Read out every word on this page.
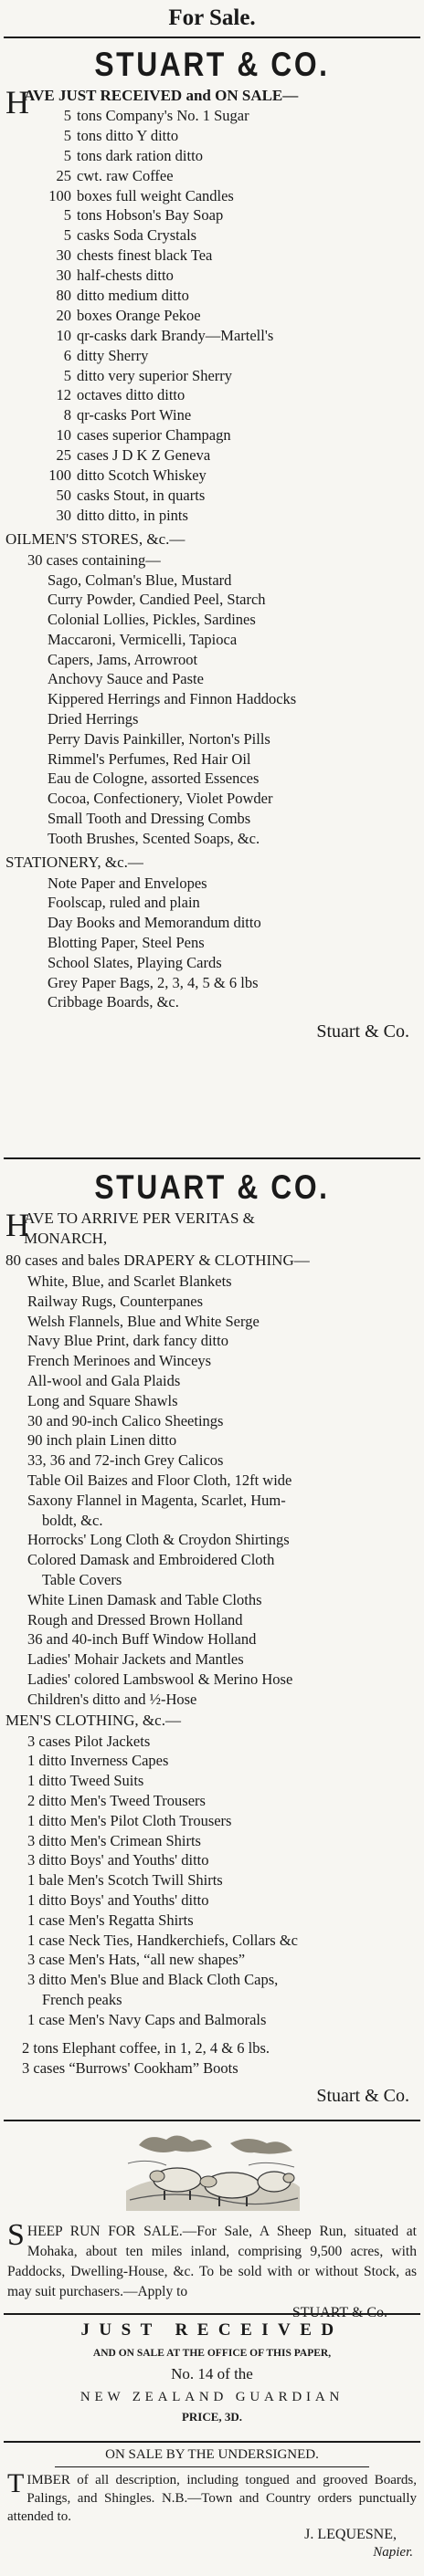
For Sale.
STUART & CO.
H
AVE JUST RECEIVED and ON SALE—
5 tons Company's No. 1 Sugar
5 tons ditto Y ditto
5 tons dark ration ditto
25 cwt. raw Coffee
100 boxes full weight Candles
5 tons Hobson's Bay Soap
5 casks Soda Crystals
30 chests finest black Tea
30 half-chests ditto
80 ditto medium ditto
20 boxes Orange Pekoe
10 qr-casks dark Brandy—Martell's
6 ditty Sherry
5 ditto very superior Sherry
12 octaves ditto ditto
8 qr-casks Port Wine
10 cases superior Champagn
25 cases J D K Z Geneva
100 ditto Scotch Whiskey
50 casks Stout, in quarts
30 ditto ditto, in pints
OILMEN'S STORES, &c.—
30 cases containing—
Sago, Colman's Blue, Mustard
Curry Powder, Candied Peel, Starch
Colonial Lollies, Pickles, Sardines
Maccaroni, Vermicelli, Tapioca
Capers, Jams, Arrowroot
Anchovy Sauce and Paste
Kippered Herrings and Finnon Haddocks
Dried Herrings
Perry Davis Painkiller, Norton's Pills
Rimmel's Perfumes, Red Hair Oil
Eau de Cologne, assorted Essences
Cocoa, Confectionery, Violet Powder
Small Tooth and Dressing Combs
Tooth Brushes, Scented Soaps, &c.
STATIONERY, &c.—
Note Paper and Envelopes
Foolscap, ruled and plain
Day Books and Memorandum ditto
Blotting Paper, Steel Pens
School Slates, Playing Cards
Grey Paper Bags, 2, 3, 4, 5 & 6 lbs
Cribbage Boards, &c.
Stuart & Co.
STUART & CO.
H
AVE TO ARRIVE PER VERITAS &
MONARCH,
80 cases and bales DRAPERY & CLOTHING—
White, Blue, and Scarlet Blankets
Railway Rugs, Counterpanes
Welsh Flannels, Blue and White Serge
Navy Blue Print, dark fancy ditto
French Merinoes and Winceys
All-wool and Gala Plaids
Long and Square Shawls
30 and 90-inch Calico Sheetings
90 inch plain Linen ditto
33, 36 and 72-inch Grey Calicos
Table Oil Baizes and Floor Cloth, 12ft wide
Saxony Flannel in Magenta, Scarlet, Hum-
boldt, &c.
Horrocks' Long Cloth & Croydon Shirtings
Colored Damask and Embroidered Cloth
Table Covers
White Linen Damask and Table Cloths
Rough and Dressed Brown Holland
36 and 40-inch Buff Window Holland
Ladies' Mohair Jackets and Mantles
Ladies' colored Lambswool & Merino Hose
Children's ditto and ½-Hose
MEN'S CLOTHING, &c.—
3 cases Pilot Jackets
1 ditto Inverness Capes
1 ditto Tweed Suits
2 ditto Men's Tweed Trousers
1 ditto Men's Pilot Cloth Trousers
3 ditto Men's Crimean Shirts
3 ditto Boys' and Youths' ditto
1 bale Men's Scotch Twill Shirts
1 ditto Boys' and Youths' ditto
1 case Men's Regatta Shirts
1 case Neck Ties, Handkerchiefs, Collars &c
3 case Men's Hats, “all new shapes”
3 ditto Men's Blue and Black Cloth Caps,
French peaks
1 case Men's Navy Caps and Balmorals
2 tons Elephant coffee, in 1, 2, 4 & 6 lbs.
3 cases “Burrows' Cookham” Boots
Stuart & Co.
S HEEP RUN FOR SALE.—For Sale, A Sheep Run, situated at Mohaka, about ten miles inland, comprising 9,500 acres, with Paddocks, Dwelling-House, &c. To be sold with or without Stock, as may suit purchasers.—Apply to
JUST RECEIVED
AND ON SALE AT THE OFFICE OF THIS PAPER,
No. 14 of the
NEW ZEALAND GUARDIAN
PRICE, 3D.
ON SALE BY THE UNDERSIGNED.
T IMBER of all description, including tongued and grooved Boards, Palings, and Shingles. N.B.—Town and Country orders punctually attended to.
J. LEQUESNE,
Napier.
